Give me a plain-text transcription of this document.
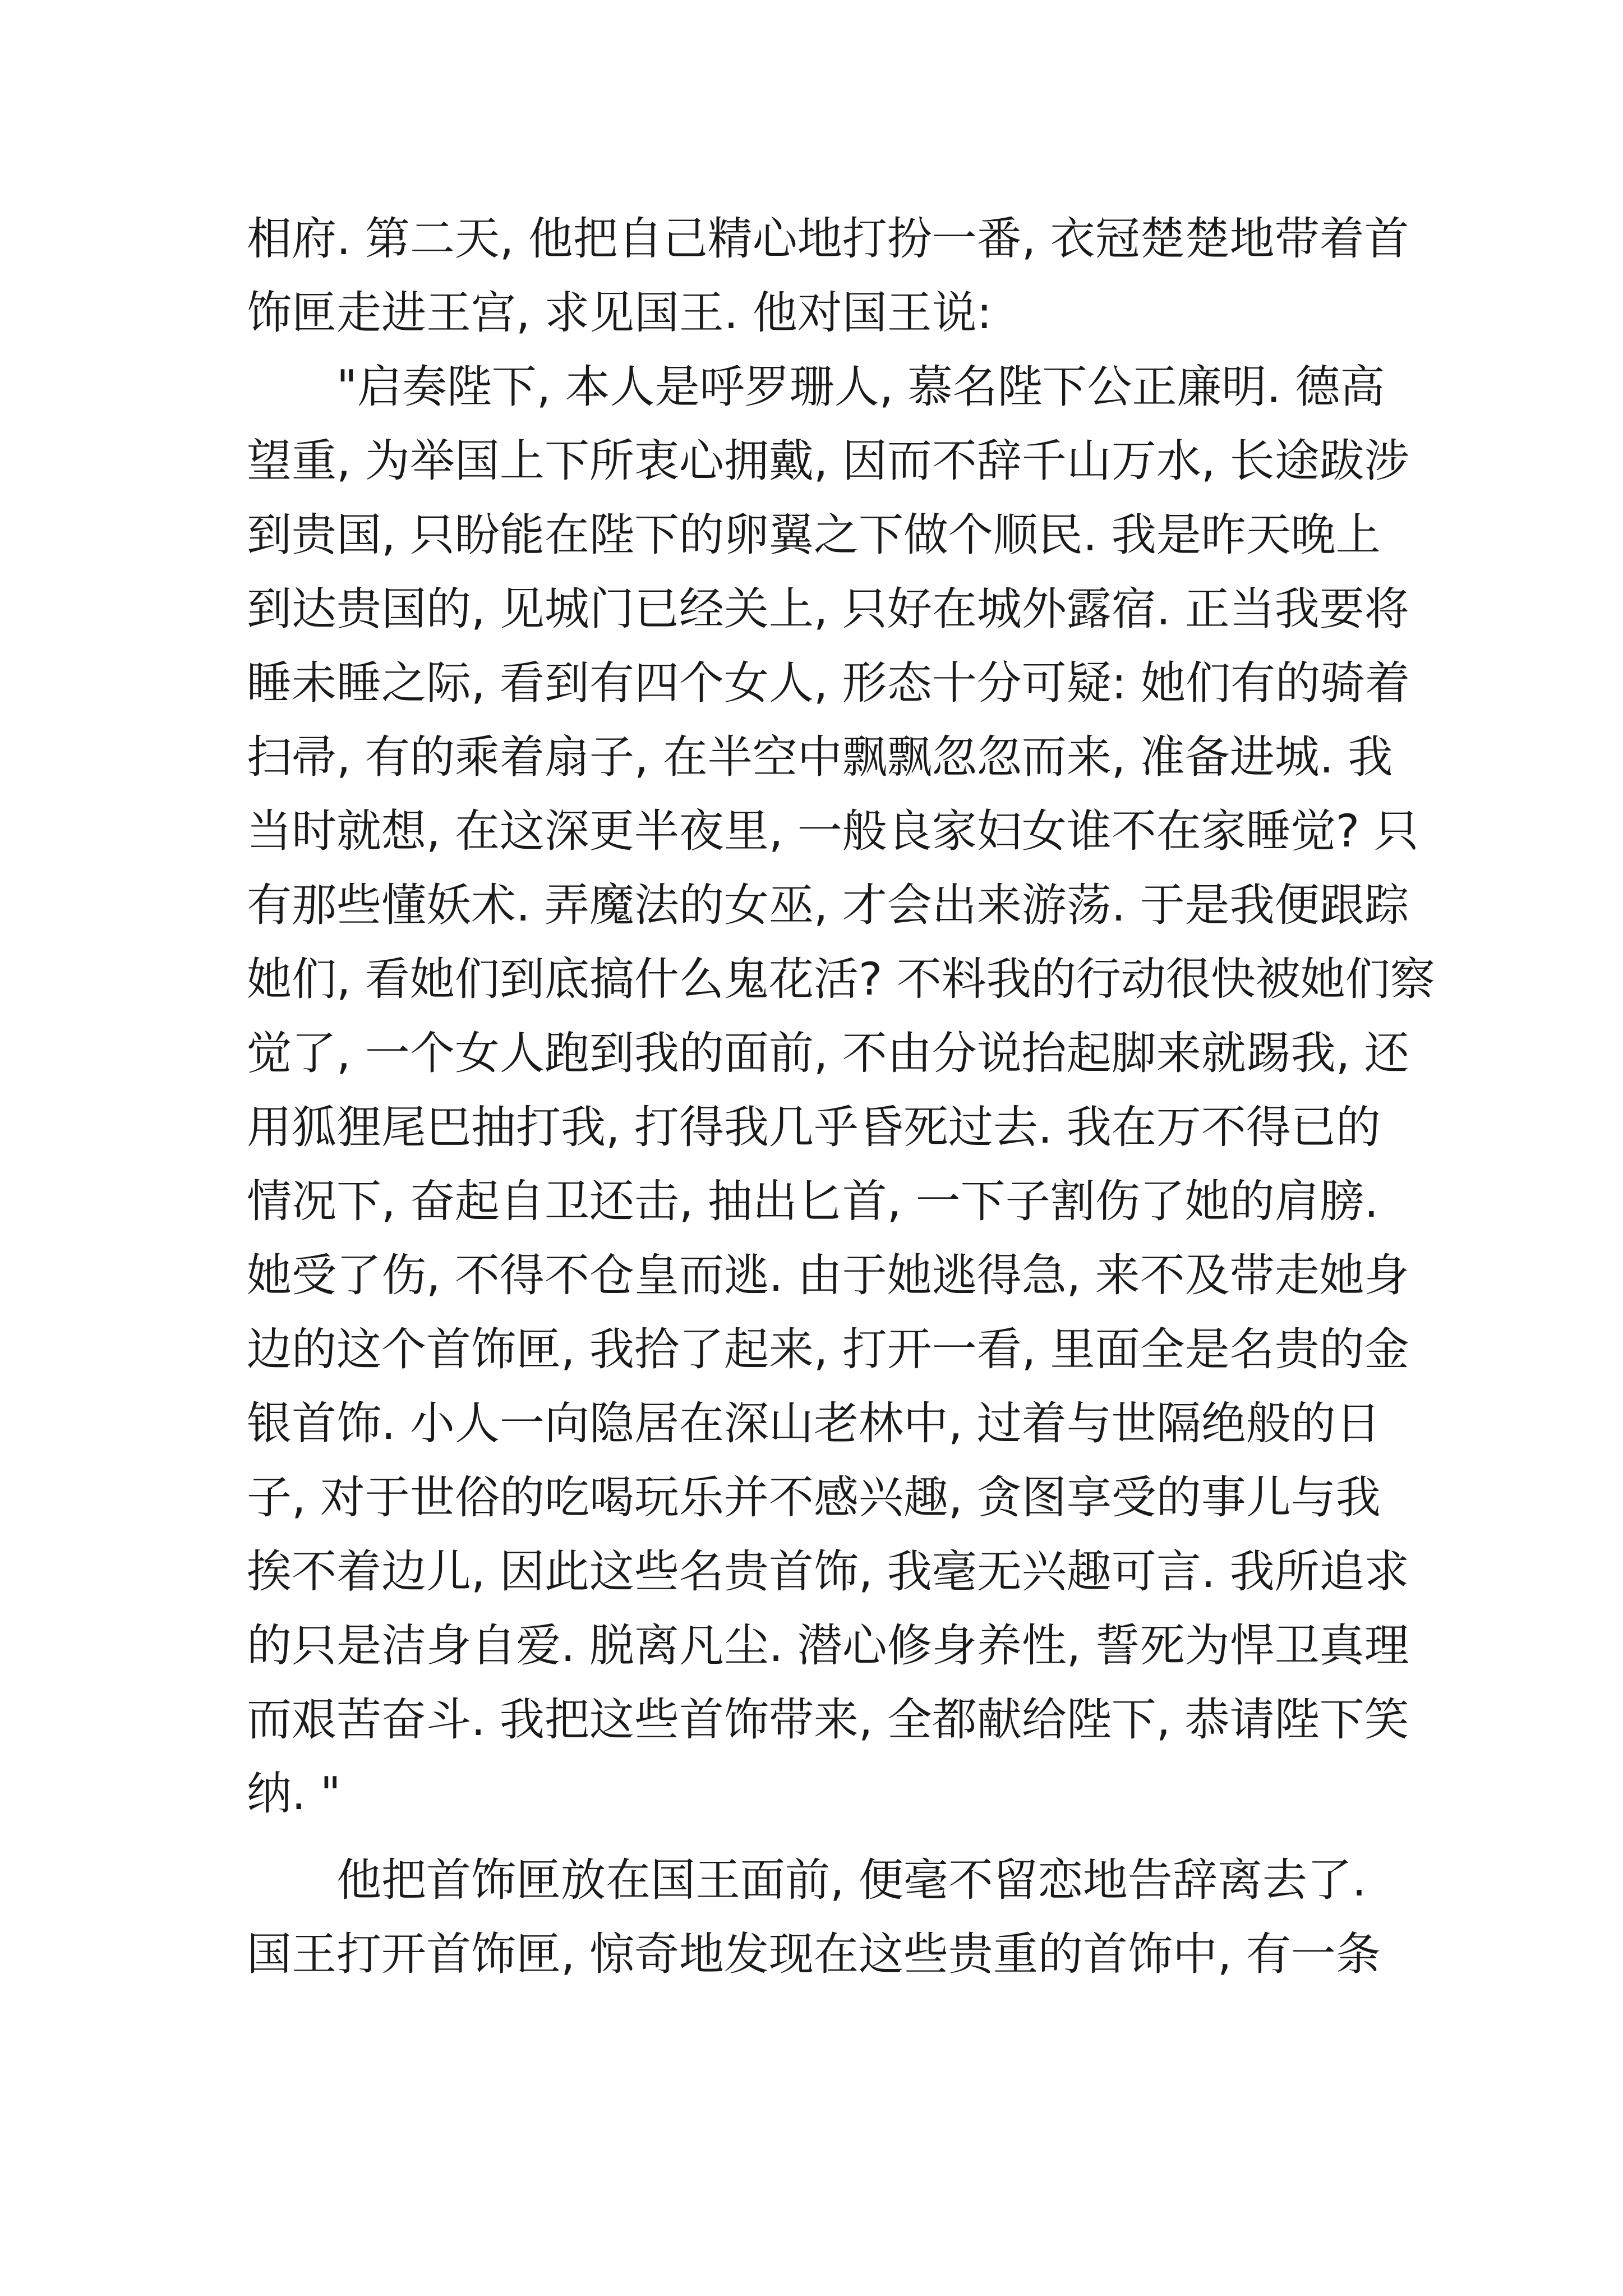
相府. 第二天, 他把自己精心地打扮一番, 衣冠楚楚地带着首
饰匣走进王宫, 求见国王. 他对国王说:
"启奏陛下, 本人是呼罗珊人, 慕名陛下公正廉明. 德高
望重, 为举国上下所衷心拥戴, 因而不辞千山万水, 长途跋涉
到贵国, 只盼能在陛下的卵翼之下做个顺民. 我是昨天晚上
到达贵国的, 见城门已经关上, 只好在城外露宿. 正当我要将
睡未睡之际, 看到有四个女人, 形态十分可疑: 她们有的骑着
扫帚, 有的乘着扇子, 在半空中飘飘忽忽而来, 准备进城. 我
当时就想, 在这深更半夜里, 一般良家妇女谁不在家睡觉? 只
有那些懂妖术. 弄魔法的女巫, 才会出来游荡. 于是我便跟踪
她们, 看她们到底搞什么鬼花活? 不料我的行动很快被她们察
觉了, 一个女人跑到我的面前, 不由分说抬起脚来就踢我, 还
用狐狸尾巴抽打我, 打得我几乎昏死过去. 我在万不得已的
情况下, 奋起自卫还击, 抽出匕首, 一下子割伤了她的肩膀.
她受了伤, 不得不仓皇而逃. 由于她逃得急, 来不及带走她身
边的这个首饰匣, 我拾了起来, 打开一看, 里面全是名贵的金
银首饰. 小人一向隐居在深山老林中, 过着与世隔绝般的日
子, 对于世俗的吃喝玩乐并不感兴趣, 贪图享受的事儿与我
挨不着边儿, 因此这些名贵首饰, 我毫无兴趣可言. 我所追求
的只是洁身自爱. 脱离凡尘. 潜心修身养性, 誓死为悍卫真理
而艰苦奋斗. 我把这些首饰带来, 全都献给陛下, 恭请陛下笑
纳. "
他把首饰匣放在国王面前, 便毫不留恋地告辞离去了.
国王打开首饰匣, 惊奇地发现在这些贵重的首饰中, 有一条
